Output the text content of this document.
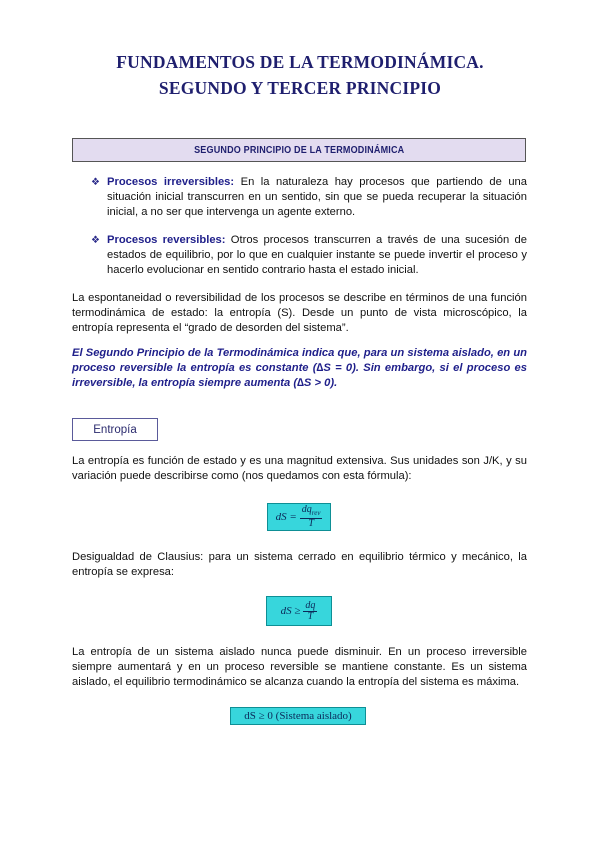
FUNDAMENTOS DE LA TERMODINÁMICA.
SEGUNDO Y TERCER PRINCIPIO
SEGUNDO PRINCIPIO DE LA TERMODINÁMICA
❖ Procesos irreversibles: En la naturaleza hay procesos que partiendo de una situación inicial transcurren en un sentido, sin que se pueda recuperar la situación inicial, a no ser que intervenga un agente externo.
❖ Procesos reversibles: Otros procesos transcurren a través de una sucesión de estados de equilibrio, por lo que en cualquier instante se puede invertir el proceso y hacerlo evolucionar en sentido contrario hasta el estado inicial.
La espontaneidad o reversibilidad de los procesos se describe en términos de una función termodinámica de estado: la entropía (S). Desde un punto de vista microscópico, la entropía representa el “grado de desorden del sistema”.
El Segundo Principio de la Termodinámica indica que, para un sistema aislado, en un proceso reversible la entropía es constante (∆S = 0). Sin embargo, si el proceso es irreversible, la entropía siempre aumenta (∆S > 0).
Entropía
La entropía es función de estado y es una magnitud extensiva. Sus unidades son J/K, y su variación puede describirse como (nos quedamos con esta fórmula):
dS = $\frac{dq_{rev}}{T}$
Desigualdad de Clausius: para un sistema cerrado en equilibrio térmico y mecánico, la entropía se expresa:
dS ≥ $\frac{dq}{T}$
La entropía de un sistema aislado nunca puede disminuir. En un proceso irreversible siempre aumentará y en un proceso reversible se mantiene constante. Es un sistema aislado, el equilibrio termodinámico se alcanza cuando la entropía del sistema es máxima.
dS ≥ 0 (Sistema aislado)
